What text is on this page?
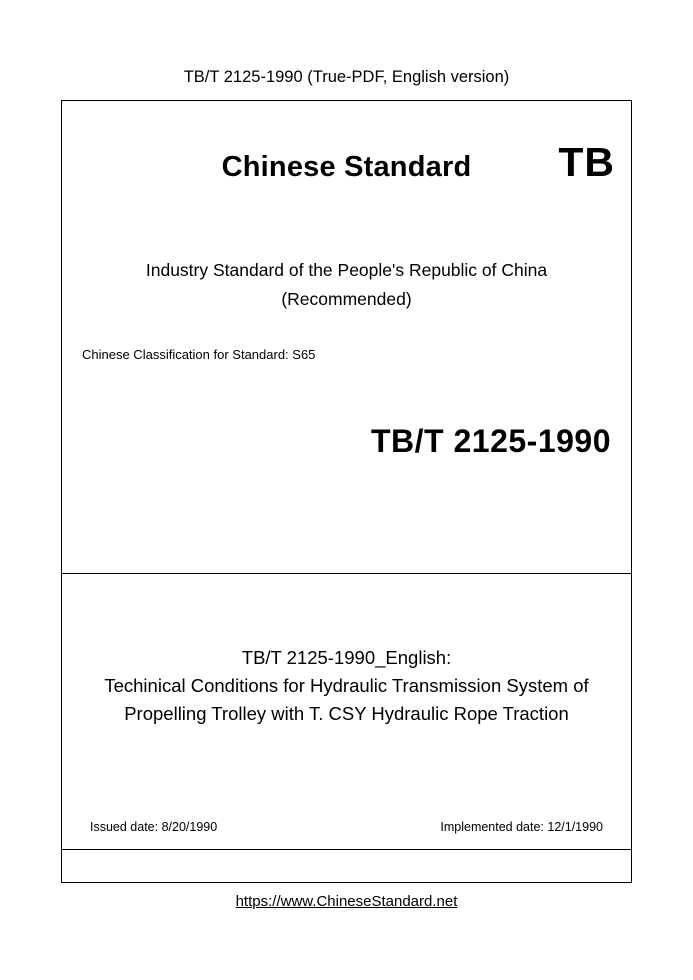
TB/T 2125-1990 (True-PDF, English version)
Chinese Standard	TB
Industry Standard of the People's Republic of China
(Recommended)
Chinese Classification for Standard: S65
TB/T 2125-1990
TB/T 2125-1990_English:
Techinical Conditions for Hydraulic Transmission System of
Propelling Trolley with T. CSY Hydraulic Rope Traction
Issued date: 8/20/1990	Implemented date: 12/1/1990
https://www.ChineseStandard.net
